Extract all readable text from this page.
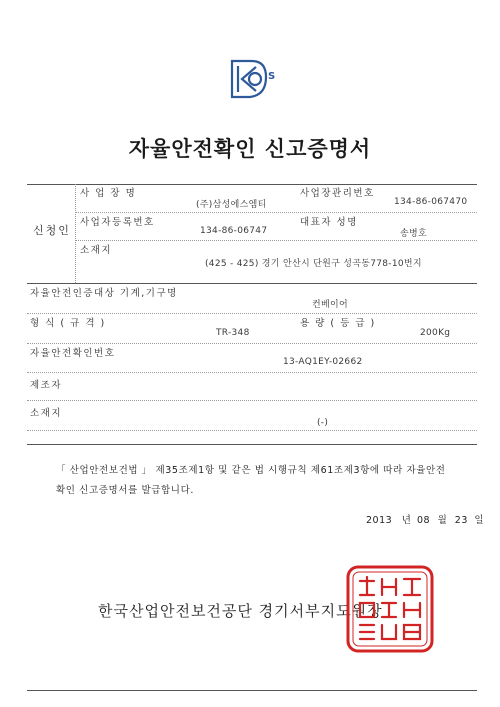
S
자율안전확인 신고증명서
신청인
사 업 장 명
(주)삼성에스엠티
사업장관리번호
134-86-067470
사업자등록번호
134-86-06747
대표자 성명
송병호
소재지
(425 - 425) 경기 안산시 단원구 성곡동778-10번지
자율안전인증대상 기계,기구명
컨베이어
형 식 ( 규 격 )
TR-348
용 량 ( 등 급 )
200Kg
자율안전확인번호
13-AQ1EY-02662
제조자
소재지
(-)
「 산업안전보건법 」 제35조제1항 및 같은 법 시행규칙 제61조제3항에 따라 자율안전
확인 신고증명서를 발급합니다.
2013 년 08 월 23 일
한국산업안전보건공단 경기서부지도원장
